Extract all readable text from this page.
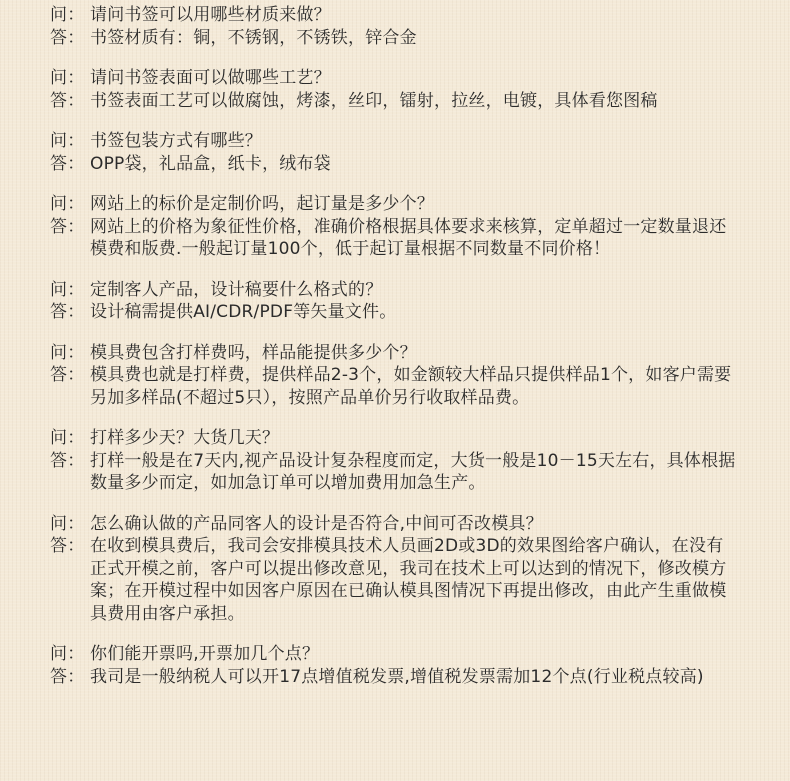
问： 请问书签可以用哪些材质来做？
答： 书签材质有：铜，不锈钢，不锈铁，锌合金
问： 请问书签表面可以做哪些工艺？
答： 书签表面工艺可以做腐蚀，烤漆，丝印，镭射，拉丝，电镀，具体看您图稿
问： 书签包装方式有哪些？
答： OPP袋，礼品盒，纸卡，绒布袋
问： 网站上的标价是定制价吗，起订量是多少个？
答： 网站上的价格为象征性价格，准确价格根据具体要求来核算，定单超过一定数量退还模费和版费.一般起订量100个，低于起订量根据不同数量不同价格！
问： 定制客人产品，设计稿要什么格式的？
答： 设计稿需提供AI/CDR/PDF等矢量文件。
问： 模具费包含打样费吗，样品能提供多少个？
答： 模具费也就是打样费，提供样品2-3个，如金额较大样品只提供样品1个，如客户需要另加多样品(不超过5只），按照产品单价另行收取样品费。
问： 打样多少天？大货几天？
答： 打样一般是在7天内,视产品设计复杂程度而定，大货一般是10－15天左右，具体根据数量多少而定，如加急订单可以增加费用加急生产。
问： 怎么确认做的产品同客人的设计是否符合,中间可否改模具？
答： 在收到模具费后，我司会安排模具技术人员画2D或3D的效果图给客户确认，在没有正式开模之前，客户可以提出修改意见，我司在技术上可以达到的情况下，修改模方案；在开模过程中如因客户原因在已确认模具图情况下再提出修改，由此产生重做模具费用由客户承担。
问： 你们能开票吗,开票加几个点？
答： 我司是一般纳税人可以开17点增值税发票,增值税发票需加12个点(行业税点较高)
